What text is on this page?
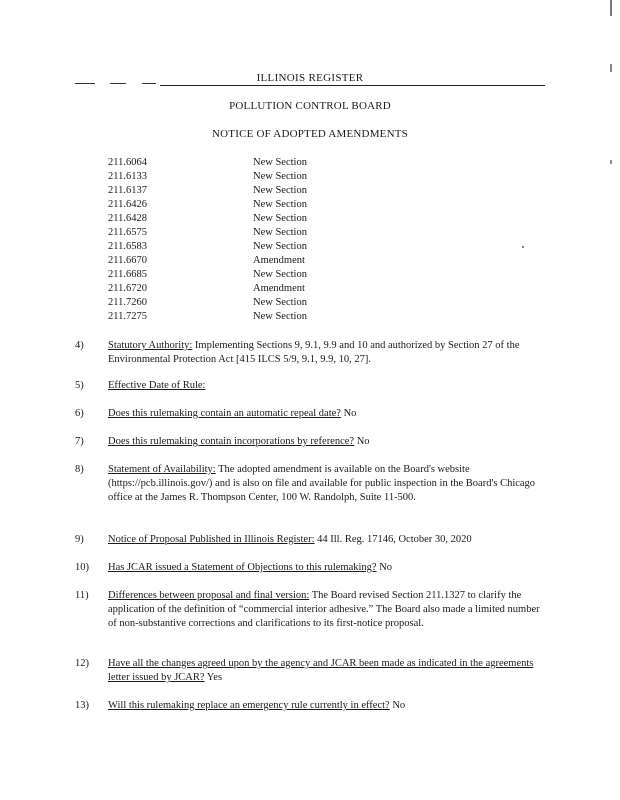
ILLINOIS REGISTER
POLLUTION CONTROL BOARD
NOTICE OF ADOPTED AMENDMENTS
211.6064	New Section
211.6133	New Section
211.6137	New Section
211.6426	New Section
211.6428	New Section
211.6575	New Section
211.6583	New Section
211.6670	Amendment
211.6685	New Section
211.6720	Amendment
211.7260	New Section
211.7275	New Section
4)	Statutory Authority: Implementing Sections 9, 9.1, 9.9 and 10 and authorized by Section 27 of the Environmental Protection Act [415 ILCS 5/9, 9.1, 9.9, 10, 27].
5)	Effective Date of Rule:
6)	Does this rulemaking contain an automatic repeal date? No
7)	Does this rulemaking contain incorporations by reference? No
8)	Statement of Availability: The adopted amendment is available on the Board's website (https://pcb.illinois.gov/) and is also on file and available for public inspection in the Board's Chicago office at the James R. Thompson Center, 100 W. Randolph, Suite 11-500.
9)	Notice of Proposal Published in Illinois Register: 44 Ill. Reg. 17146, October 30, 2020
10)	Has JCAR issued a Statement of Objections to this rulemaking? No
11)	Differences between proposal and final version: The Board revised Section 211.1327 to clarify the application of the definition of “commercial interior adhesive.” The Board also made a limited number of non-substantive corrections and clarifications to its first-notice proposal.
12)	Have all the changes agreed upon by the agency and JCAR been made as indicated in the agreements letter issued by JCAR? Yes
13)	Will this rulemaking replace an emergency rule currently in effect? No
